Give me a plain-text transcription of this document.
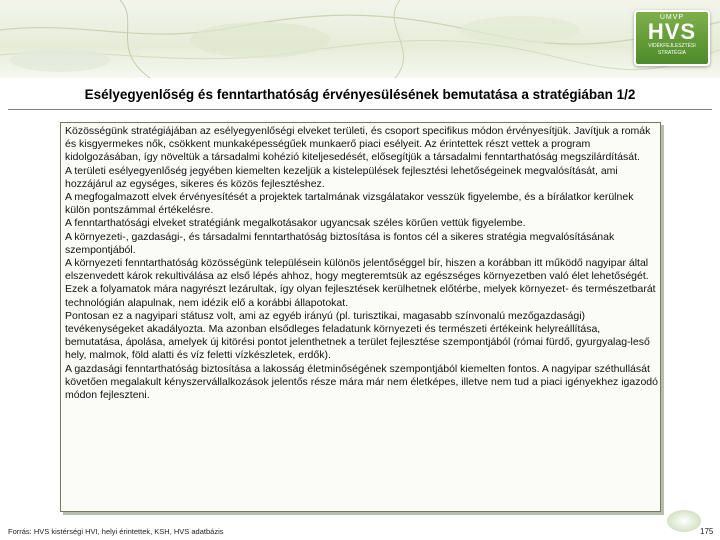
ÚMVP
HVS
VIDÉKFEJLESZTÉSI STRATÉGIA
Esélyegyenlőség és fenntarthatóság érvényesülésének bemutatása a stratégiában 1/2

Közösségünk stratégiájában az esélyegyenlőségi elveket területi, és csoport specifikus módon érvényesítjük. Javítjuk a romák és kisgyermekes nők, csökkent munkaképességűek munkaerő piaci esélyeit. Az érintettek részt vettek a program kidolgozásában, így növeltük a társadalmi kohézió kiteljesedését, elősegítjük a társadalmi fenntarthatóság megszilárdítását.

A területi esélyegyenlőség jegyében kiemelten kezeljük a kistelepülések fejlesztési lehetőségeinek megvalósítását, ami hozzájárul az egységes, sikeres és közös fejlesztéshez.

A megfogalmazott elvek érvényesítését a projektek tartalmának vizsgálatakor vesszük figyelembe, és a bírálatkor kerülnek külön pontszámmal értékelésre.

A fenntarthatósági elveket stratégiánk megalkotásakor ugyancsak széles körűen vettük figyelembe.

A környezeti-, gazdasági-, és társadalmi fenntarthatóság biztosítása is fontos cél a sikeres stratégia megvalósításának szempontjából.

A környezeti fenntarthatóság közösségünk településein különös jelentőséggel bír, hiszen a korábban itt működő nagyipar által elszenvedett károk rekultiválása az első lépés ahhoz, hogy megteremtsük az egészséges környezetben való élet lehetőségét.

Ezek a folyamatok mára nagyrészt lezárultak, így olyan fejlesztések kerülhetnek előtérbe, melyek környezet- és természetbarát technológián alapulnak, nem idézik elő a korábbi állapotokat.

Pontosan ez a nagyipari státusz volt, ami az egyéb irányú (pl. turisztikai, magasabb színvonalú mezőgazdasági) tevékenységeket akadályozta. Ma azonban elsődleges feladatunk környezeti és természeti értékeink helyreállítása, bemutatása, ápolása, amelyek új kitörési pontot jelenthetnek a terület fejlesztése szempontjából (római fürdő, gyurgyalag-leső hely, malmok, föld alatti és víz feletti vízkészletek, erdők).

A gazdasági fenntarthatóság biztosítása a lakosság életminőségének szempontjából kiemelten fontos. A nagyipar széthullását követően megalakult kényszervállalkozások jelentős része mára már nem életképes, illetve nem tud a piaci igényekhez igazodó módon fejleszteni.

Forrás: HVS kistérségi HVI, helyi érintettek, KSH, HVS adatbázis	175
